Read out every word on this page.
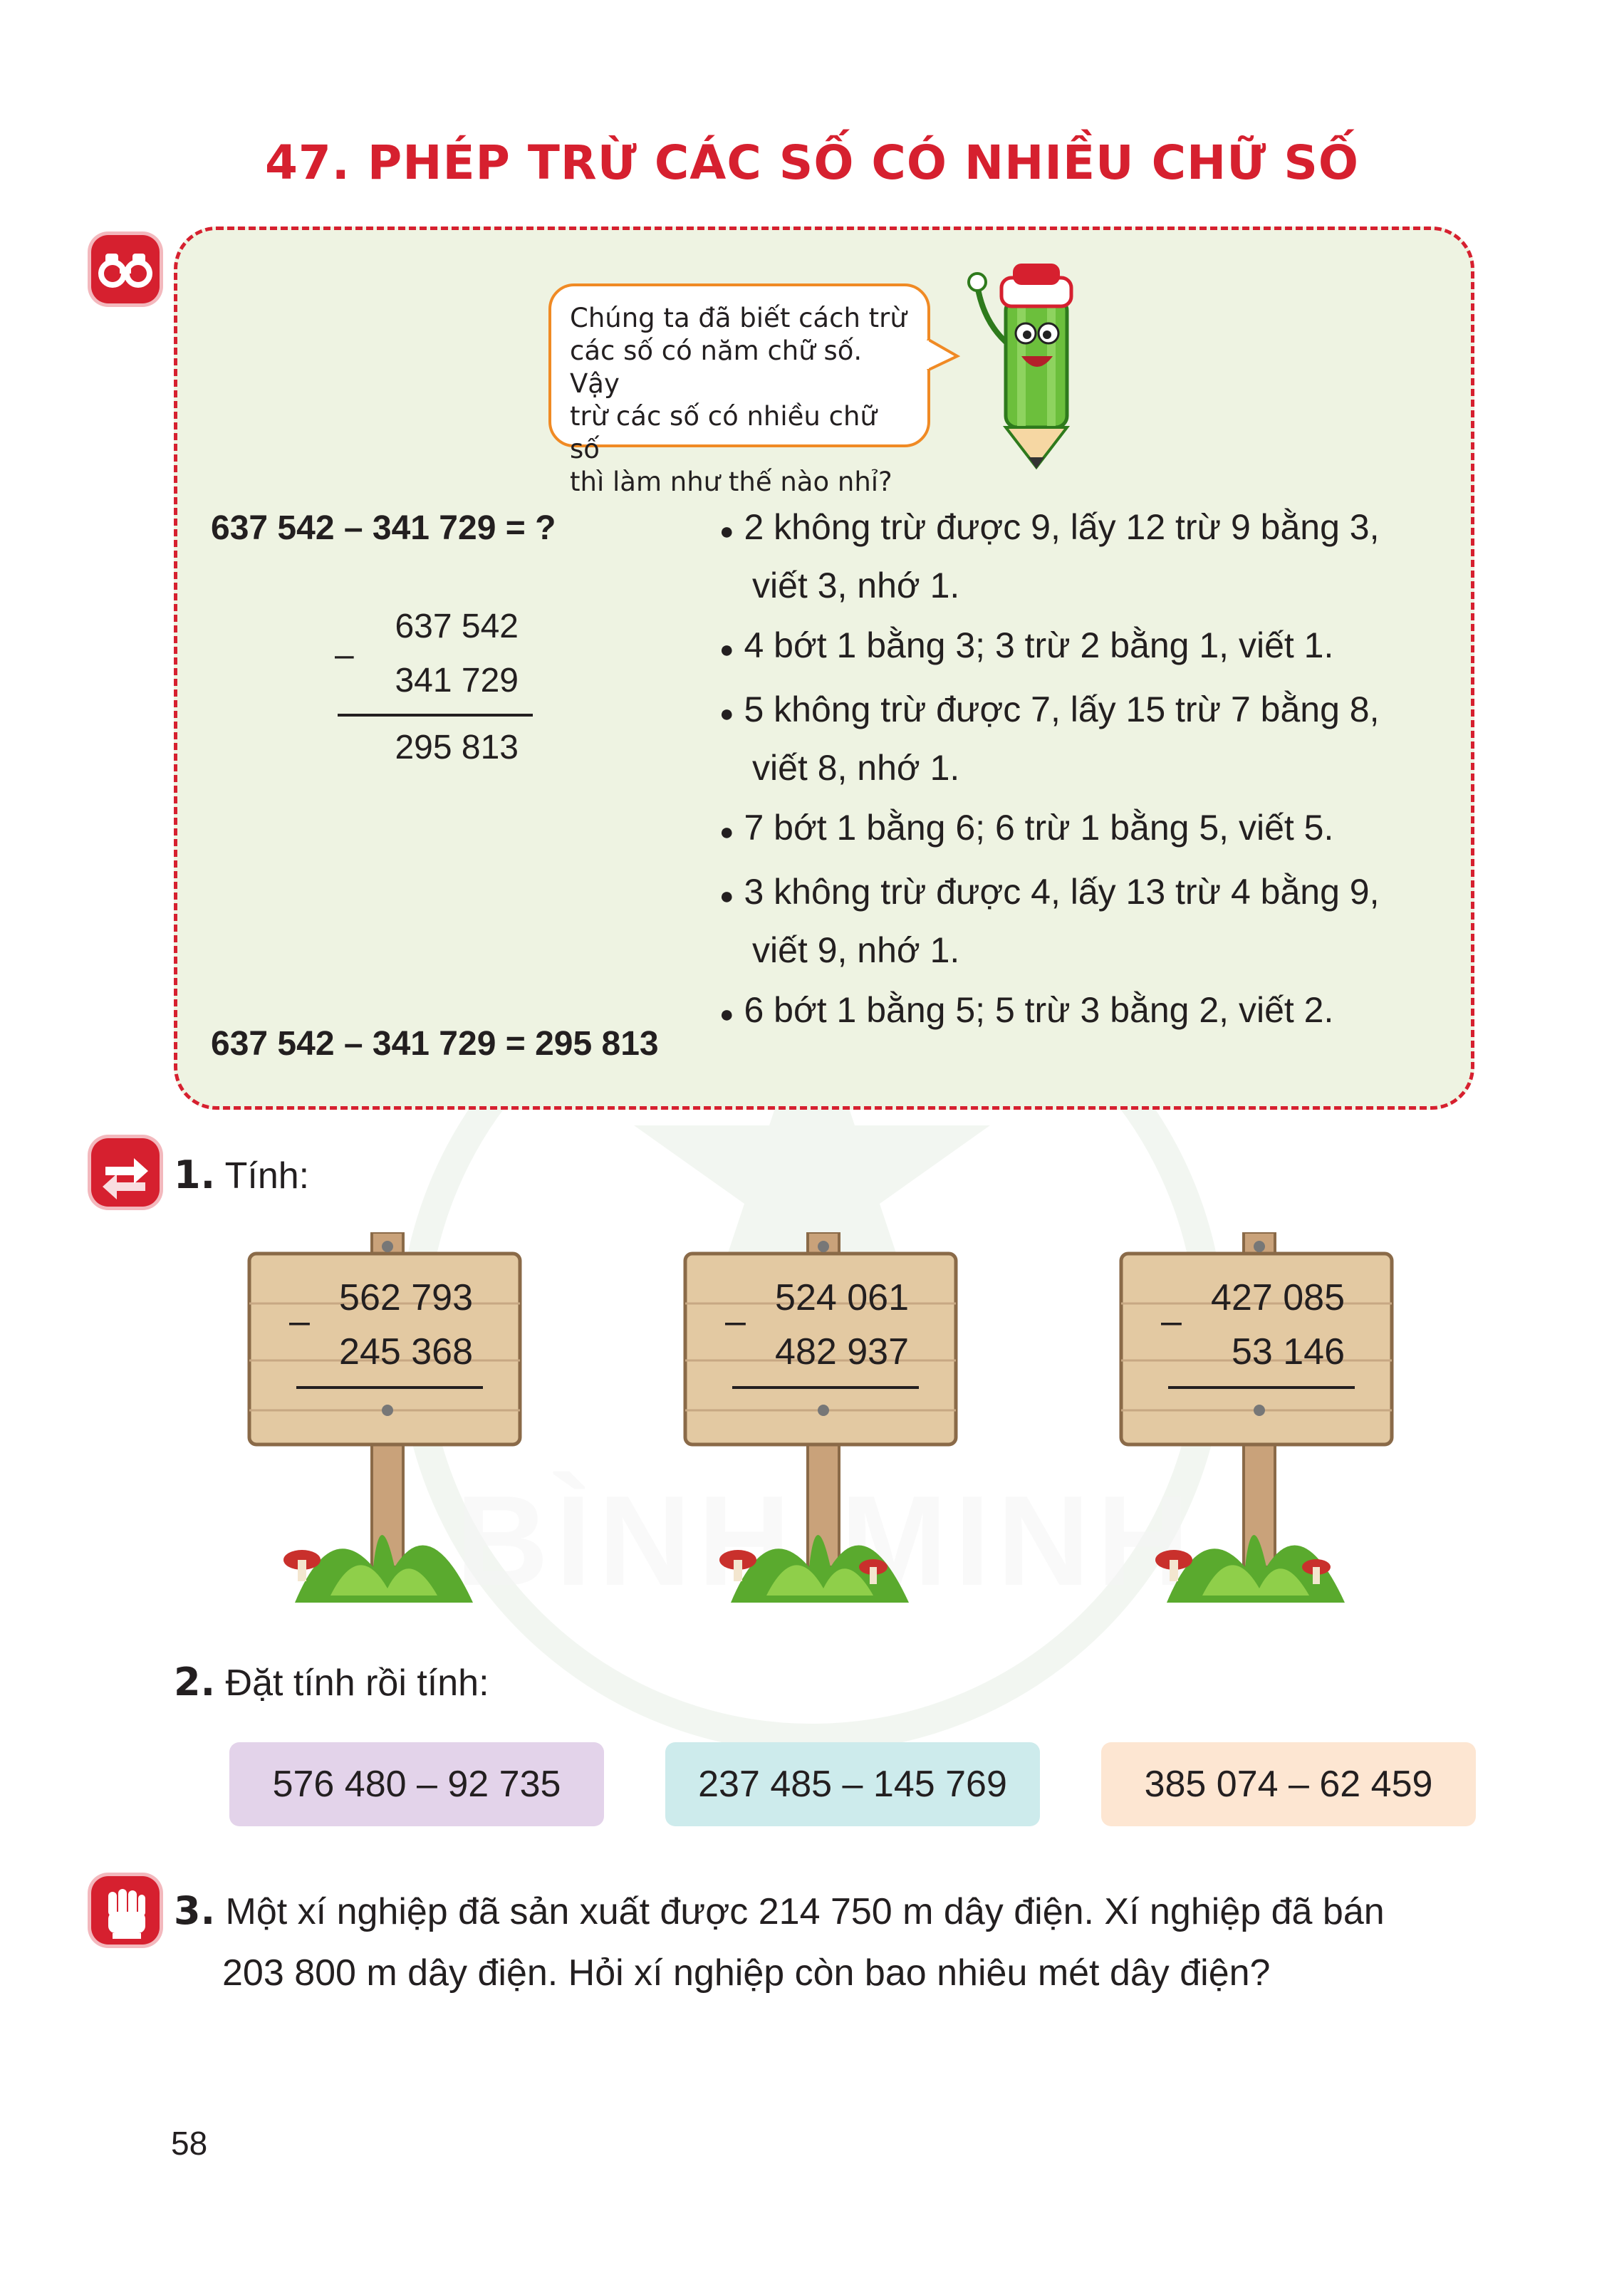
47. PHÉP TRỪ CÁC SỐ CÓ NHIỀU CHỮ SỐ
Chúng ta đã biết cách trừ
các số có năm chữ số. Vậy
trừ các số có nhiều chữ số
thì làm như thế nào nhỉ?
637 542 – 341 729 = ?
–
637 542
341 729
295 813
637 542 – 341 729 = 295 813
● 2 không trừ được 9, lấy 12 trừ 9 bằng 3,
viết 3, nhớ 1.
● 4 bớt 1 bằng 3; 3 trừ 2 bằng 1, viết 1.
● 5 không trừ được 7, lấy 15 trừ 7 bằng 8,
viết 8, nhớ 1.
● 7 bớt 1 bằng 6; 6 trừ 1 bằng 5, viết 5.
● 3 không trừ được 4, lấy 13 trừ 4 bằng 9,
viết 9, nhớ 1.
● 6 bớt 1 bằng 5; 5 trừ 3 bằng 2, viết 2.
1. Tính:
–
562 793
245 368
–
524 061
482 937
–
427 085
53 146
2. Đặt tính rồi tính:
576 480 – 92 735	237 485 – 145 769	385 074 – 62 459
3. Một xí nghiệp đã sản xuất được 214 750 m dây điện. Xí nghiệp đã bán
203 800 m dây điện. Hỏi xí nghiệp còn bao nhiêu mét dây điện?
58
